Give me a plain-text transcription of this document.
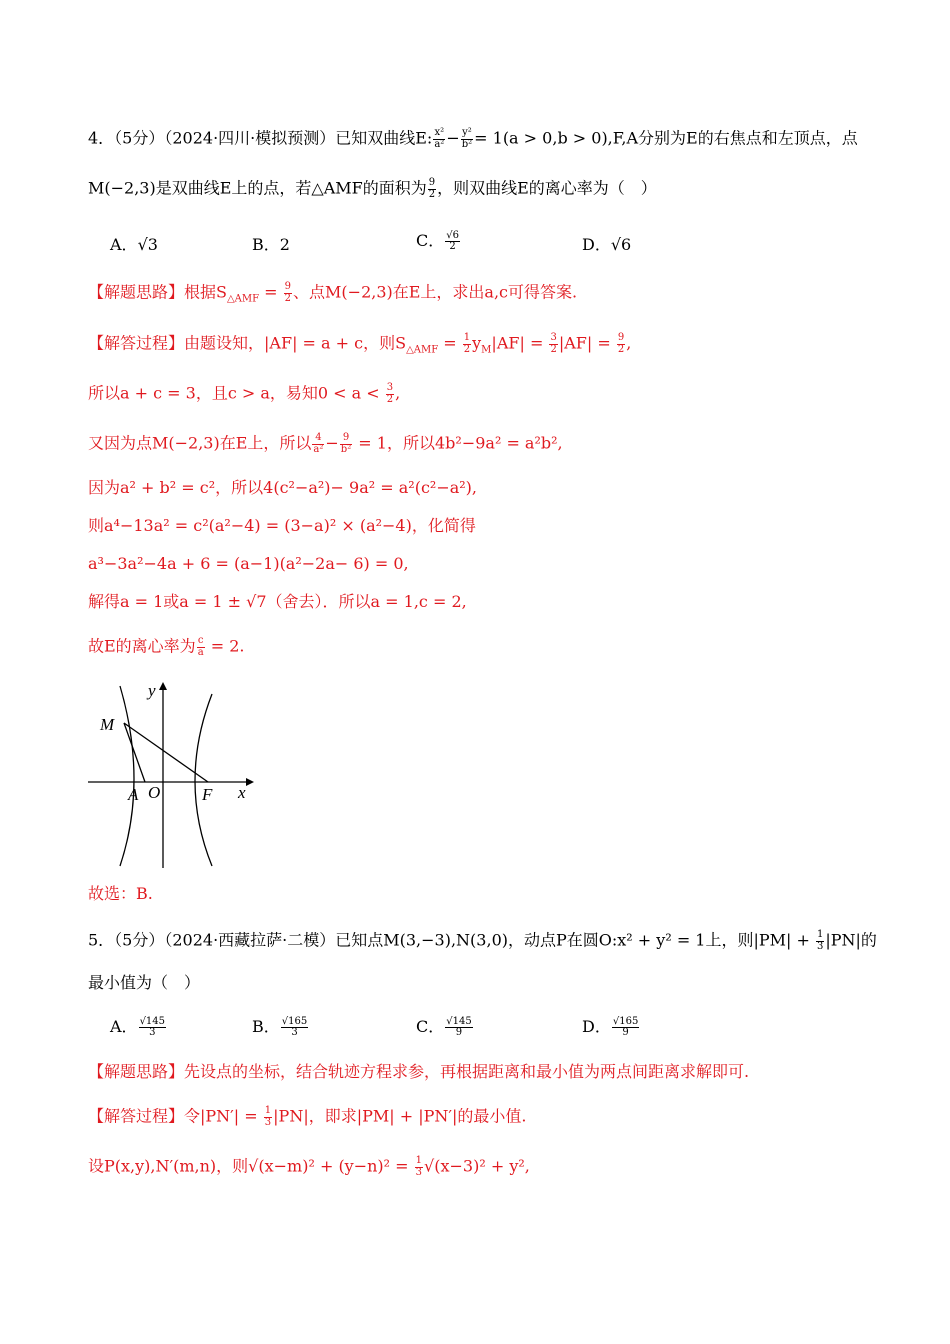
4．（5分）（2024·四川·模拟预测）已知双曲线E: $\frac{\text{x²}}{\text{a²}} - \frac{\text{y²}}{\text{b²}} = 1(a > 0,b > 0),F,A$分别为E的右焦点和左顶点，点
M(−2,3)是双曲线E上的点，若△AMF的面积为 $\frac{9}{2}$ ，则双曲线E的离心率为（　）
A．√3	B．2	C． $\frac{√6}{2}$	D．√6
【解题思路】根据$S_{\triangle AMF} = \frac{9}{2}$ 、点M(−2,3)在E上，求出a,c可得答案.
【解答过程】由题设知，|AF| = a + c，则$S_{\triangle AMF} = \frac{1}{2} y_M|AF| = \frac{3}{2} |AF| = \frac{9}{2}$ ,
所以a + c = 3，且c > a，易知$0 < a < \frac{3}{2}$ ,
又因为点M(−2,3)在E上，所以 $\frac{4}{\text{a²}} - \frac{9}{\text{b²}} = 1$，所以4b²−9a² = a²b²,
因为a² + b² = c²，所以4(c²−a²)− 9a² = a²(c²−a²),
则a⁴−13a² = c²(a²−4) = (3−a)² × (a²−4)，化简得
a³−3a²−4a + 6 = (a−1)(a²−2a− 6) = 0,
解得a = 1或a = 1 ± √7（舍去）．所以a = 1,c = 2,
故E的离心率为 $\frac{c}{a} = 2$.
y
x
M
A O F
故选：B.
5．（5分）（2024·西藏拉萨·二模）已知点M(3,−3),N(3,0)，动点P在圆O:x² + y² = 1上，则$|PM| + \frac{1}{3} |PN|$的
最小值为（　）
A． $\frac{√145}{3}$	B． $\frac{√165}{3}$	C． $\frac{√145}{9}$	D． $\frac{√165}{9}$
【解题思路】先设点的坐标，结合轨迹方程求参，再根据距离和最小值为两点间距离求解即可.
【解答过程】令$|PN'| = \frac{1}{3} |PN|$，即求|PM| + |PN′|的最小值.
设P(x,y),N′(m,n)，则$√(x-m)^2 + (y-n)^2 = \frac{1}{3} √(x-3)^2 + y^2$,
